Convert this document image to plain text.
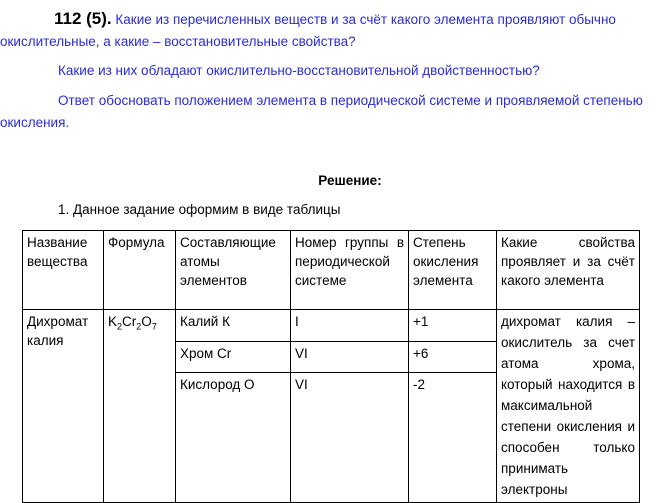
112 (5). Какие из перечисленных веществ и за счёт какого элемента проявляют обычно окислительные, а какие – восстановительные свойства?

Какие из них обладают окислительно-восстановительной двойственностью?

Ответ обосновать положением элемента в периодической системе и проявляемой степенью окисления.

Решение:
1. Данное задание оформим в виде таблицы
Название вещества	Формула	Составляющие атомы элементов	Номер группы в периодической системе	Степень окисления элемента	Какие свойства проявляет и за счёт какого элемента
Дихромат калия	$K_2Cr_2O_7$	Калий К	I	+1	дихромат калия – окислитель за счет атома хрома, который находится в максимальной степени окисления и способен только принимать электроны
		Хром Cr	VI	+6	
		Кислород O	VI	-2	
